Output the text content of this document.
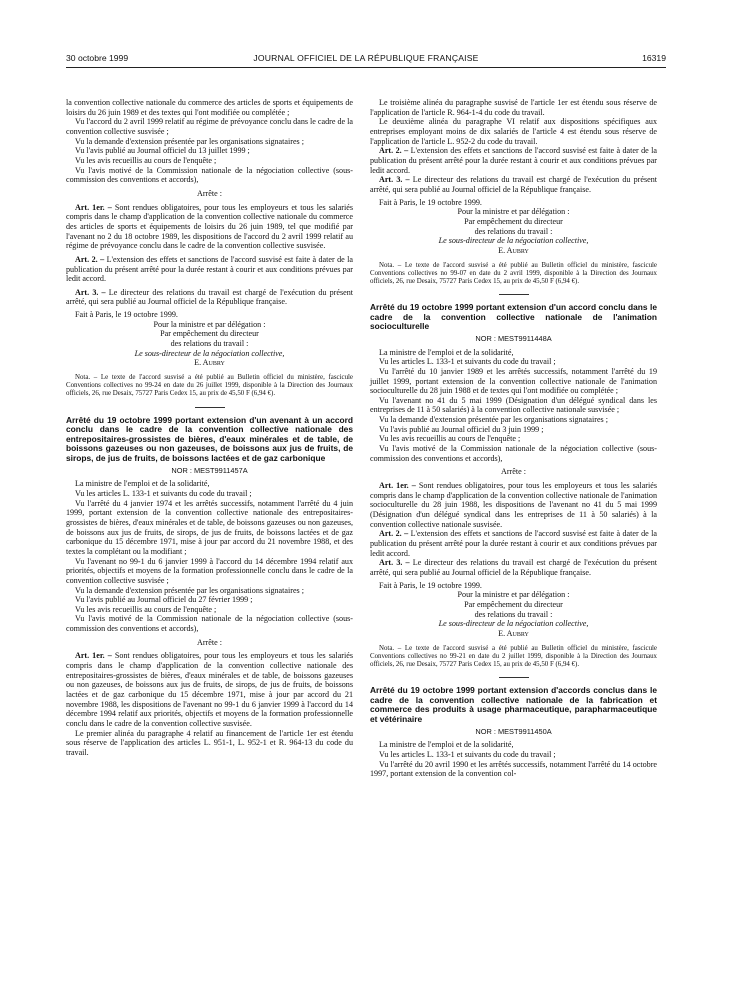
30 octobre 1999	JOURNAL OFFICIEL DE LA RÉPUBLIQUE FRANÇAISE	16319

la convention collective nationale du commerce des articles de sports et équipements de loisirs du 26 juin 1989 et des textes qui l'ont modifiée ou complétée ;

Vu l'accord du 2 avril 1999 relatif au régime de prévoyance conclu dans le cadre de la convention collective susvisée ;

Vu la demande d'extension présentée par les organisations signataires ;

Vu l'avis publié au Journal officiel du 13 juillet 1999 ;

Vu les avis recueillis au cours de l'enquête ;

Vu l'avis motivé de la Commission nationale de la négociation collective (sous-commission des conventions et accords),

Arrête :

Art. 1er. – Sont rendues obligatoires, pour tous les employeurs et tous les salariés compris dans le champ d'application de la convention collective nationale du commerce des articles de sports et équipements de loisirs du 26 juin 1989, tel que modifié par l'avenant no 2 du 18 octobre 1989, les dispositions de l'accord du 2 avril 1999 relatif au régime de prévoyance conclu dans le cadre de la convention collective susvisée.

Art. 2. – L'extension des effets et sanctions de l'accord susvisé est faite à dater de la publication du présent arrêté pour la durée restant à courir et aux conditions prévues par ledit accord.

Art. 3. – Le directeur des relations du travail est chargé de l'exécution du présent arrêté, qui sera publié au Journal officiel de la République française.

Fait à Paris, le 19 octobre 1999.

Pour la ministre et par délégation :

Par empêchement du directeur

des relations du travail :

Le sous-directeur de la négociation collective,

E. Aubry

Nota. – Le texte de l'accord susvisé a été publié au Bulletin officiel du ministère, fascicule Conventions collectives no 99-24 en date du 26 juillet 1999, disponible à la Direction des Journaux officiels, 26, rue Desaix, 75727 Paris Cedex 15, au prix de 45,50 F (6,94 €).

Arrêté du 19 octobre 1999 portant extension d'un avenant à un accord conclu dans le cadre de la convention collective nationale des entrepositaires-grossistes de bières, d'eaux minérales et de table, de boissons gazeuses ou non gazeuses, de boissons aux jus de fruits, de sirops, de jus de fruits, de boissons lactées et de gaz carbonique

NOR : MEST9911457A

La ministre de l'emploi et de la solidarité,

Vu les articles L. 133-1 et suivants du code du travail ;

Vu l'arrêté du 4 janvier 1974 et les arrêtés successifs, notamment l'arrêté du 4 juin 1999, portant extension de la convention collective nationale des entrepositaires-grossistes de bières, d'eaux minérales et de table, de boissons gazeuses ou non gazeuses, de boissons aux jus de fruits, de sirops, de jus de fruits, de boissons lactées et de gaz carbonique du 15 décembre 1971, mise à jour par accord du 21 novembre 1988, et des textes la complétant ou la modifiant ;

Vu l'avenant no 99-1 du 6 janvier 1999 à l'accord du 14 décembre 1994 relatif aux priorités, objectifs et moyens de la formation professionnelle conclu dans le cadre de la convention collective susvisée ;

Vu la demande d'extension présentée par les organisations signataires ;

Vu l'avis publié au Journal officiel du 27 février 1999 ;

Vu les avis recueillis au cours de l'enquête ;

Vu l'avis motivé de la Commission nationale de la négociation collective (sous-commission des conventions et accords),

Arrête :

Art. 1er. – Sont rendues obligatoires, pour tous les employeurs et tous les salariés compris dans le champ d'application de la convention collective nationale des entrepositaires-grossistes de bières, d'eaux minérales et de table, de boissons gazeuses ou non gazeuses, de boissons aux jus de fruits, de sirops, de jus de fruits, de boissons lactées et de gaz carbonique du 15 décembre 1971, mise à jour par accord du 21 novembre 1988, les dispositions de l'avenant no 99-1 du 6 janvier 1999 à l'accord du 14 décembre 1994 relatif aux priorités, objectifs et moyens de la formation professionnelle conclu dans le cadre de la convention collective susvisée.

Le premier alinéa du paragraphe 4 relatif au financement de l'article 1er est étendu sous réserve de l'application des articles L. 951-1, L. 952-1 et R. 964-13 du code du travail.

Le troisième alinéa du paragraphe susvisé de l'article 1er est étendu sous réserve de l'application de l'article R. 964-1-4 du code du travail.

Le deuxième alinéa du paragraphe VI relatif aux dispositions spécifiques aux entreprises employant moins de dix salariés de l'article 4 est étendu sous réserve de l'application de l'article L. 952-2 du code du travail.

Art. 2. – L'extension des effets et sanctions de l'accord susvisé est faite à dater de la publication du présent arrêté pour la durée restant à courir et aux conditions prévues par ledit accord.

Art. 3. – Le directeur des relations du travail est chargé de l'exécution du présent arrêté, qui sera publié au Journal officiel de la République française.

Fait à Paris, le 19 octobre 1999.

Pour la ministre et par délégation :

Par empêchement du directeur

des relations du travail :

Le sous-directeur de la négociation collective,

E. Aubry

Nota. – Le texte de l'accord susvisé a été publié au Bulletin officiel du ministère, fascicule Conventions collectives no 99-07 en date du 2 avril 1999, disponible à la Direction des Journaux officiels, 26, rue Desaix, 75727 Paris Cedex 15, au prix de 45,50 F (6,94 €).

Arrêté du 19 octobre 1999 portant extension d'un accord conclu dans le cadre de la convention collective nationale de l'animation socioculturelle

NOR : MEST9911448A

La ministre de l'emploi et de la solidarité,

Vu les articles L. 133-1 et suivants du code du travail ;

Vu l'arrêté du 10 janvier 1989 et les arrêtés successifs, notamment l'arrêté du 19 juillet 1999, portant extension de la convention collective nationale de l'animation socioculturelle du 28 juin 1988 et de textes qui l'ont modifiée ou complétée ;

Vu l'avenant no 41 du 5 mai 1999 (Désignation d'un délégué syndical dans les entreprises de 11 à 50 salariés) à la convention collective nationale susvisée ;

Vu la demande d'extension présentée par les organisations signataires ;

Vu l'avis publié au Journal officiel du 3 juin 1999 ;

Vu les avis recueillis au cours de l'enquête ;

Vu l'avis motivé de la Commission nationale de la négociation collective (sous-commission des conventions et accords),

Arrête :

Art. 1er. – Sont rendues obligatoires, pour tous les employeurs et tous les salariés compris dans le champ d'application de la convention collective nationale de l'animation socioculturelle du 28 juin 1988, les dispositions de l'avenant no 41 du 5 mai 1999 (Désignation d'un délégué syndical dans les entreprises de 11 à 50 salariés) à la convention collective nationale susvisée.

Art. 2. – L'extension des effets et sanctions de l'accord susvisé est faite à dater de la publication du présent arrêté pour la durée restant à courir et aux conditions prévues par ledit accord.

Art. 3. – Le directeur des relations du travail est chargé de l'exécution du présent arrêté, qui sera publié au Journal officiel de la République française.

Fait à Paris, le 19 octobre 1999.

Pour la ministre et par délégation :

Par empêchement du directeur

des relations du travail :

Le sous-directeur de la négociation collective,

E. Aubry

Nota. – Le texte de l'accord susvisé a été publié au Bulletin officiel du ministère, fascicule Conventions collectives no 99-21 en date du 2 juillet 1999, disponible à la Direction des Journaux officiels, 26, rue Desaix, 75727 Paris Cedex 15, au prix de 45,50 F (6,94 €).

Arrêté du 19 octobre 1999 portant extension d'accords conclus dans le cadre de la convention collective nationale de la fabrication et commerce des produits à usage pharmaceutique, parapharmaceutique et vétérinaire

NOR : MEST9911450A

La ministre de l'emploi et de la solidarité,

Vu les articles L. 133-1 et suivants du code du travail ;

Vu l'arrêté du 20 avril 1990 et les arrêtés successifs, notamment l'arrêté du 14 octobre 1997, portant extension de la convention col-
